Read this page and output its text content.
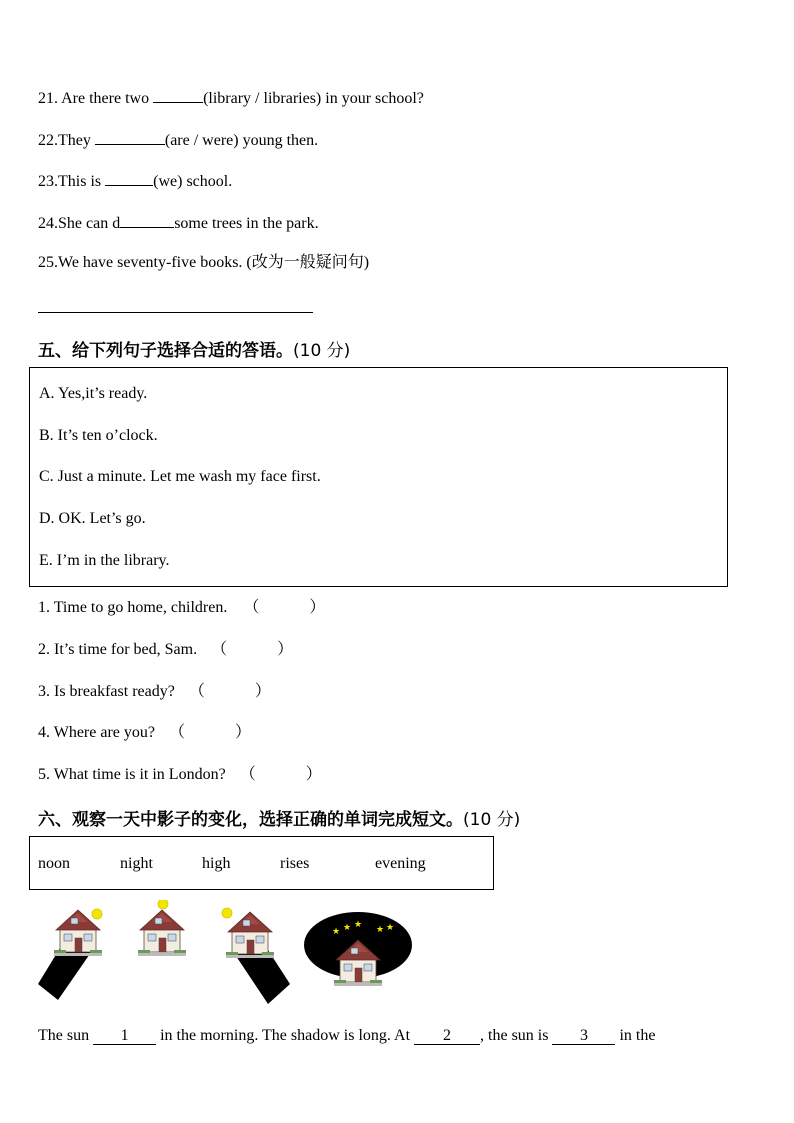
21. Are there two	(library / libraries) in your school?
22.They	(are / were) young then.
23.This is	(we) school.
24.She can d	some trees in the park.
25.We have seventy-five books. (改为一般疑问句)
五、给下列句子选择合适的答语。(10 分)
A. Yes,it’s ready.
B. It’s ten o’clock.
C. Just a minute. Let me wash my face first.
D. OK. Let’s go.
E. I’m in the library.
1. Time to go home, children. （	）
2. It’s time for bed, Sam. （	）
3. Is breakfast ready? （	）
4. Where are you? （	）
5. What time is it in London? （	）
六、观察一天中影子的变化，选择正确的单词完成短文。(10 分)
noon	night	high	rises	evening
★ ★ ★ ★ ★
The sun 1 in the morning. The shadow is long. At 2 , the sun is 3 in the
